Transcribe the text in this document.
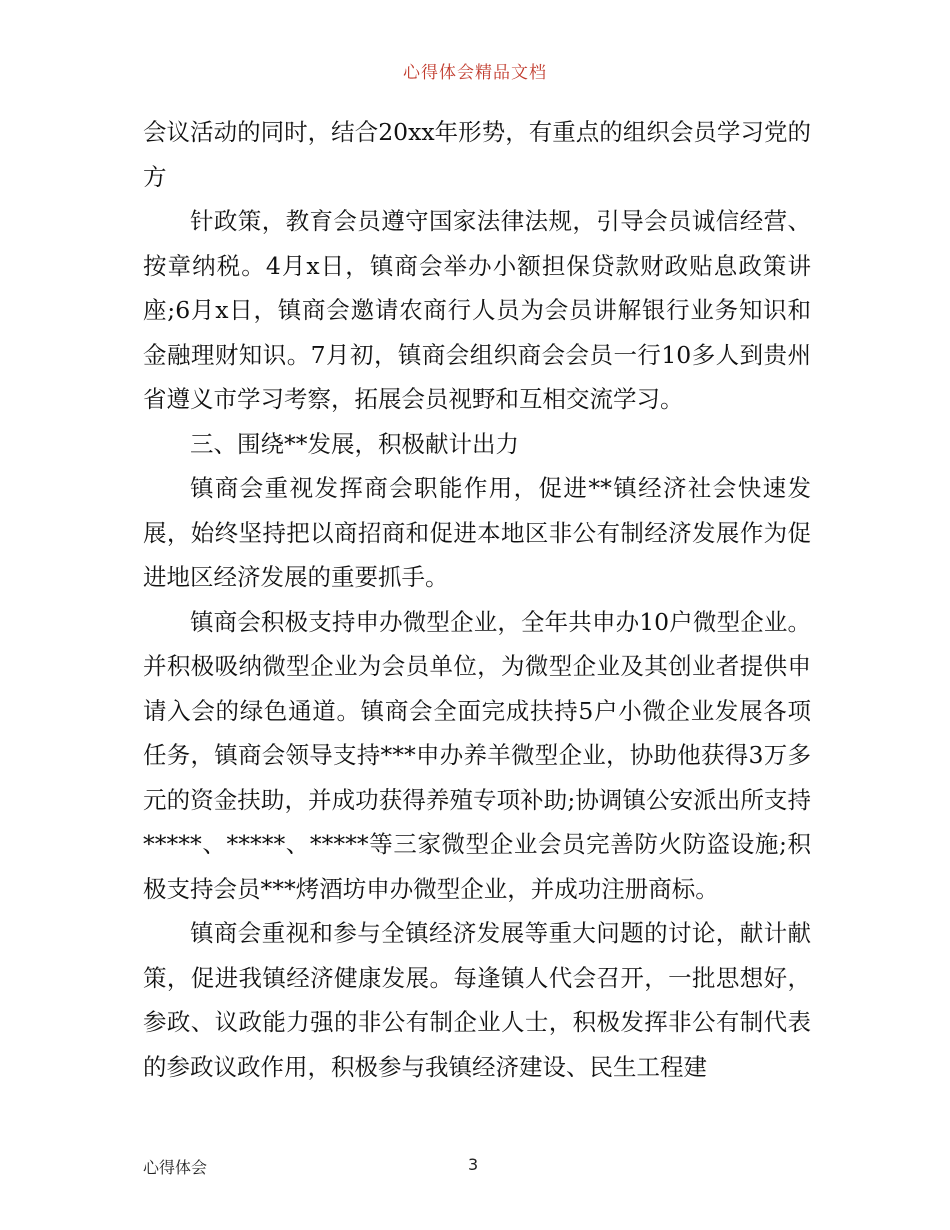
心得体会精品文档

会议活动的同时，结合20xx年形势，有重点的组织会员学习党的方

针政策，教育会员遵守国家法律法规，引导会员诚信经营、按章纳税。4月x日，镇商会举办小额担保贷款财政贴息政策讲座;6月x日，镇商会邀请农商行人员为会员讲解银行业务知识和金融理财知识。7月初，镇商会组织商会会员一行10多人到贵州省遵义市学习考察，拓展会员视野和互相交流学习。

三、围绕**发展，积极献计出力

镇商会重视发挥商会职能作用，促进**镇经济社会快速发展，始终坚持把以商招商和促进本地区非公有制经济发展作为促进地区经济发展的重要抓手。

镇商会积极支持申办微型企业，全年共申办10户微型企业。并积极吸纳微型企业为会员单位，为微型企业及其创业者提供申请入会的绿色通道。镇商会全面完成扶持5户小微企业发展各项任务，镇商会领导支持***申办养羊微型企业，协助他获得3万多元的资金扶助，并成功获得养殖专项补助;协调镇公安派出所支持*****、*****、*****等三家微型企业会员完善防火防盗设施;积极支持会员***烤酒坊申办微型企业，并成功注册商标。

镇商会重视和参与全镇经济发展等重大问题的讨论，献计献策，促进我镇经济健康发展。每逢镇人代会召开，一批思想好，参政、议政能力强的非公有制企业人士，积极发挥非公有制代表的参政议政作用，积极参与我镇经济建设、民生工程建

心得体会	3
